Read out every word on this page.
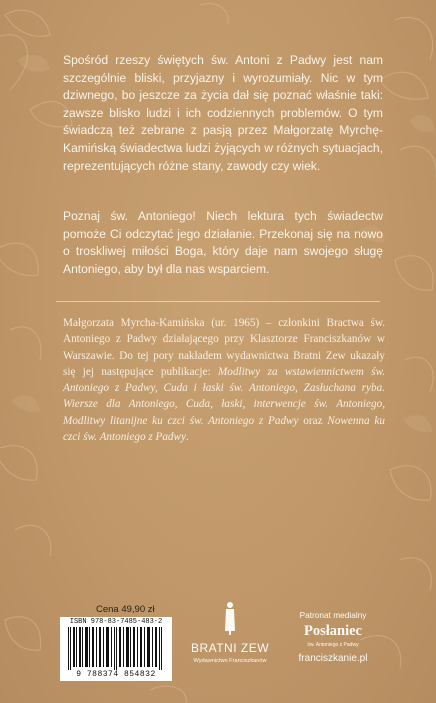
Spośród rzeszy świętych św. Antoni z Padwy jest nam szczególnie bliski, przyjazny i wyrozumiały. Nic w tym dziwnego, bo jeszcze za życia dał się poznać właśnie taki: zawsze blisko ludzi i ich codziennych problemów. O tym świadczą też zebrane z pasją przez Małgorzatę Myrchę-Kamińską świadectwa ludzi żyjących w różnych sytuacjach, reprezentujących różne stany, zawody czy wiek.
Poznaj św. Antoniego! Niech lektura tych świadectw pomoże Ci odczytać jego działanie. Przekonaj się na nowo o troskliwej miłości Boga, który daje nam swojego sługę Antoniego, aby był dla nas wsparciem.
Małgorzata Myrcha-Kamińska (ur. 1965) – członkini Bractwa św. Antoniego z Padwy działającego przy Klasztorze Franciszkanów w Warszawie. Do tej pory nakładem wydawnictwa Bratni Zew ukazały się jej następujące publikacje: Modlitwy za wstawiennictwem św. Antoniego z Padwy, Cuda i łaski św. Antoniego, Zasłuchana ryba. Wiersze dla Antoniego, Cuda, łaski, interwencje św. Antoniego, Modlitwy litanijne ku czci św. Antoniego z Padwy oraz Nowenna ku czci św. Antoniego z Padwy.
Cena 49,90 zł
ISBN 978-83-7485-483-2
9 788374 854832
BRATNI ZEW
Wydawnictwo Franciszkanów
Patronat medialny
Posłaniec
św. Antoniego z Padwy
franciszkanie.pl
